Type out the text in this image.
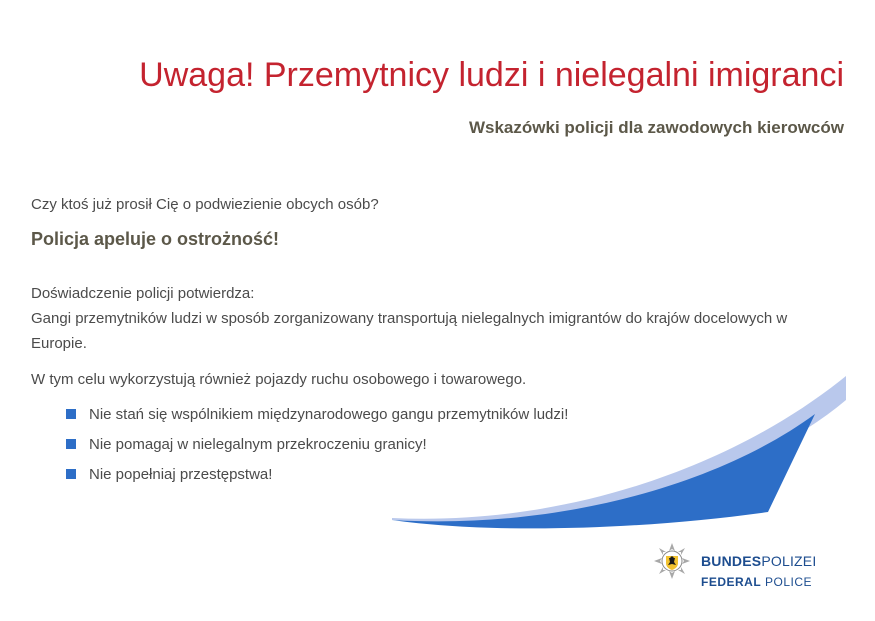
Uwaga! Przemytnicy ludzi i nielegalni imigranci
Wskazówki policji dla zawodowych kierowców

Czy ktoś już prosił Cię o podwiezienie obcych osób?

Policja apeluje o ostrożność!

Doświadczenie policji potwierdza:
Gangi przemytników ludzi w sposób zorganizowany transportują nielegalnych imigrantów do krajów docelowych w Europie.

W tym celu wykorzystują również pojazdy ruchu osobowego i towarowego.

Nie stań się wspólnikiem międzynarodowego gangu przemytników ludzi!
Nie pomagaj w nielegalnym przekroczeniu granicy!
Nie popełniaj przestępstwa!
BUNDESPOLIZEI
FEDERAL POLICE
